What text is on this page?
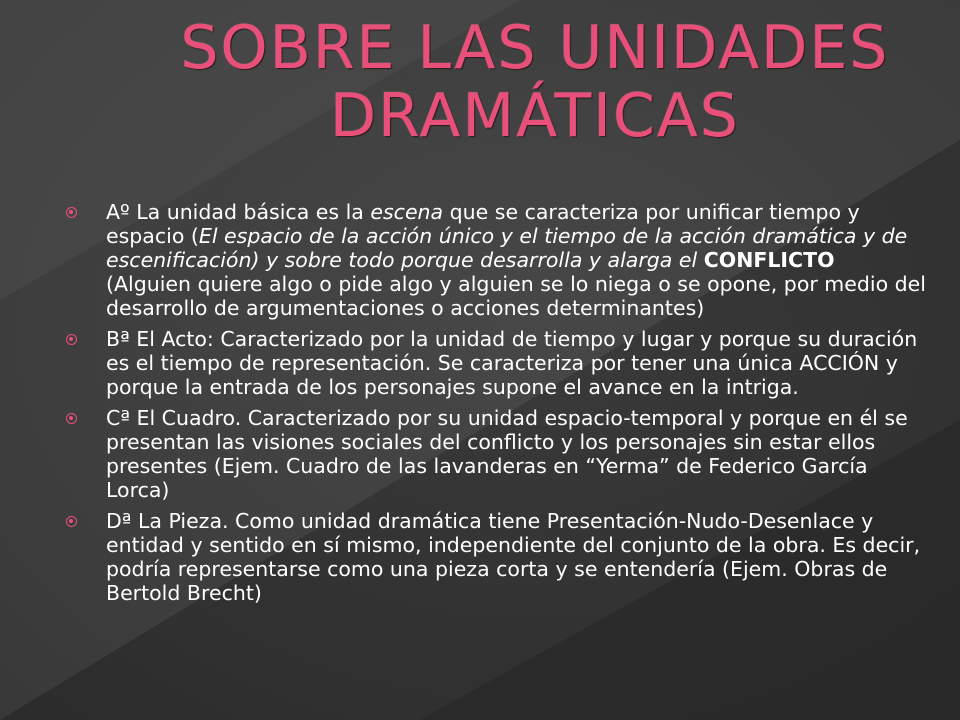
SOBRE LAS UNIDADES
DRAMÁTICAS

Aº La unidad básica es la escena que se caracteriza por unificar tiempo y espacio (El espacio de la acción único y el tiempo de la acción dramática y de escenificación) y sobre todo porque desarrolla y alarga el CONFLICTO (Alguien quiere algo o pide algo y alguien se lo niega o se opone, por medio del desarrollo de argumentaciones o acciones determinantes)

Bª El Acto: Caracterizado por la unidad de tiempo y lugar y porque su duración es el tiempo de representación. Se caracteriza por tener una única ACCIÓN y porque la entrada de los personajes supone el avance en la intriga.

Cª El Cuadro. Caracterizado por su unidad espacio-temporal y porque en él se presentan las visiones sociales del conflicto y los personajes sin estar ellos presentes (Ejem. Cuadro de las lavanderas en “Yerma” de Federico García Lorca)

Dª La Pieza. Como unidad dramática tiene Presentación-Nudo-Desenlace y entidad y sentido en sí mismo, independiente del conjunto de la obra. Es decir, podría representarse como una pieza corta y se entendería (Ejem. Obras de Bertold Brecht)
